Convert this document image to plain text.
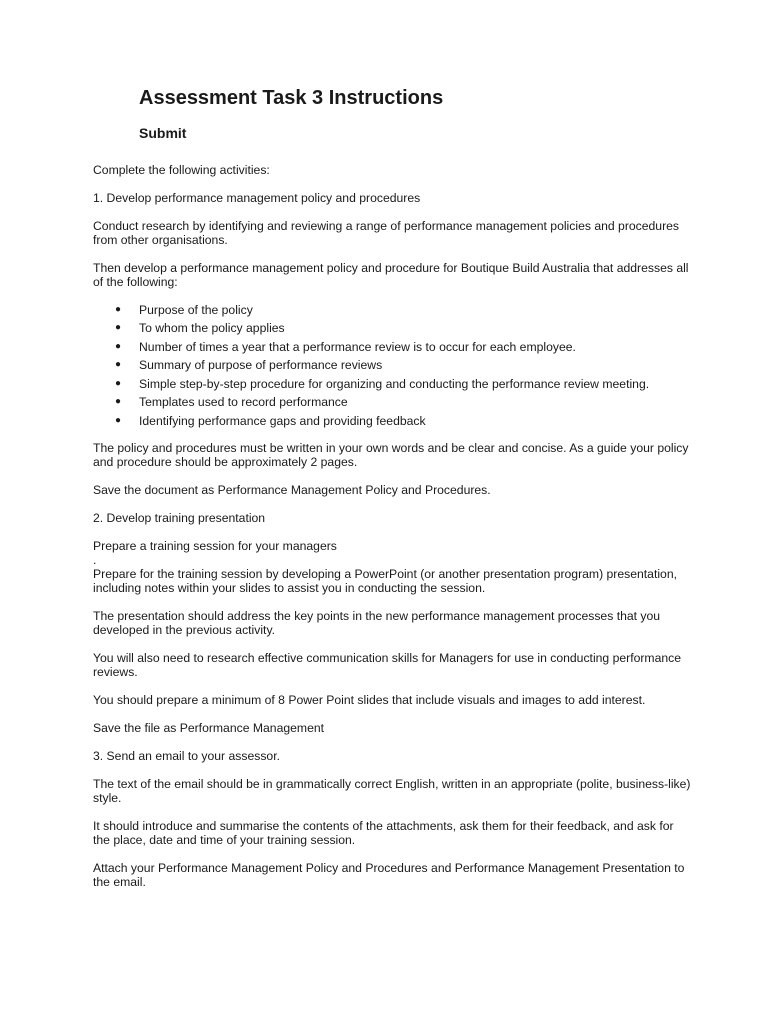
Assessment Task 3 Instructions
Submit

Complete the following activities:

1. Develop performance management policy and procedures

Conduct research by identifying and reviewing a range of performance management policies and procedures from other organisations.

Then develop a performance management policy and procedure for Boutique Build Australia that addresses all of the following:

● Purpose of the policy
● To whom the policy applies
● Number of times a year that a performance review is to occur for each employee.
● Summary of purpose of performance reviews
● Simple step-by-step procedure for organizing and conducting the performance review meeting.
● Templates used to record performance
● Identifying performance gaps and providing feedback

The policy and procedures must be written in your own words and be clear and concise. As a guide your policy and procedure should be approximately 2 pages.

Save the document as Performance Management Policy and Procedures.

2. Develop training presentation

Prepare a training session for your managers

.

Prepare for the training session by developing a PowerPoint (or another presentation program) presentation, including notes within your slides to assist you in conducting the session.

The presentation should address the key points in the new performance management processes that you developed in the previous activity.

You will also need to research effective communication skills for Managers for use in conducting performance reviews.

You should prepare a minimum of 8 Power Point slides that include visuals and images to add interest.

Save the file as Performance Management

3. Send an email to your assessor.

The text of the email should be in grammatically correct English, written in an appropriate (polite, business-like) style.

It should introduce and summarise the contents of the attachments, ask them for their feedback, and ask for the place, date and time of your training session.

Attach your Performance Management Policy and Procedures and Performance Management Presentation to the email.
